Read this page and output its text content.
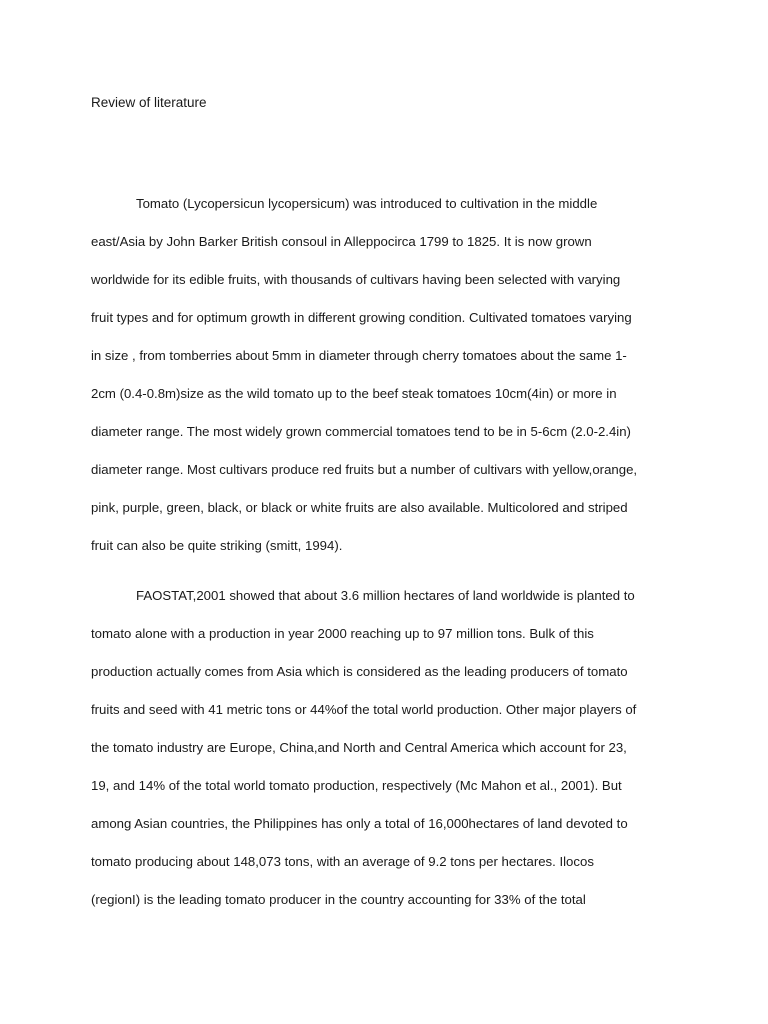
Review of literature
Tomato (Lycopersicun lycopersicum) was introduced to cultivation in the middle
east/Asia by John Barker British consoul in Alleppocirca 1799 to 1825. It is now grown
worldwide for its edible fruits, with thousands of cultivars having been selected with varying
fruit types and for optimum growth in different growing condition. Cultivated tomatoes varying
in size , from tomberries about 5mm in diameter through cherry tomatoes about the same 1-
2cm (0.4-0.8m)size as the wild tomato up to the beef steak tomatoes 10cm(4in) or more in
diameter range. The most widely grown commercial tomatoes tend to be in 5-6cm (2.0-2.4in)
diameter range. Most cultivars produce red fruits but a number of cultivars with yellow,orange,
pink, purple, green, black, or black or white fruits are also available. Multicolored and striped
fruit can also be quite striking (smitt, 1994).
FAOSTAT,2001 showed that about 3.6 million hectares of land worldwide is planted to
tomato alone with a production in year 2000 reaching up to 97 million tons. Bulk of this
production actually comes from Asia which is considered as the leading producers of tomato
fruits and seed with 41 metric tons or 44%of the total world production. Other major players of
the tomato industry are Europe, China,and North and Central America which account for 23,
19, and 14% of the total world tomato production, respectively (Mc Mahon et al., 2001). But
among Asian countries, the Philippines has only a total of 16,000hectares of land devoted to
tomato producing about 148,073 tons, with an average of 9.2 tons per hectares. Ilocos
(regionI) is the leading tomato producer in the country accounting for 33% of the total
